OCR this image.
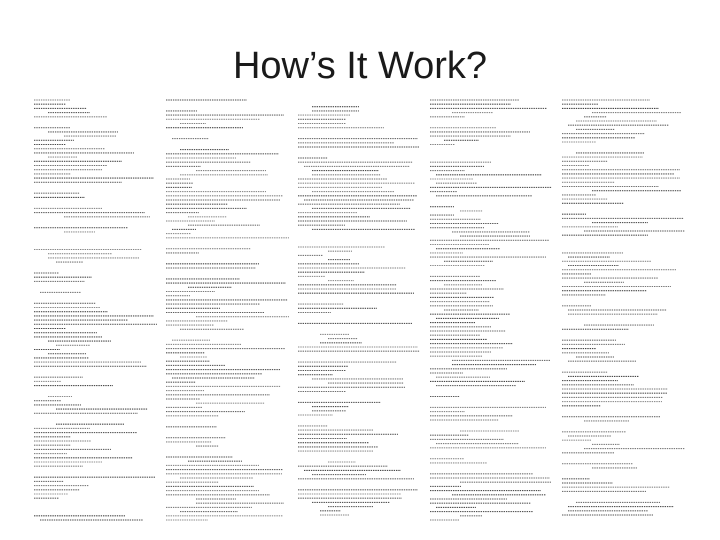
How’s It Work?
